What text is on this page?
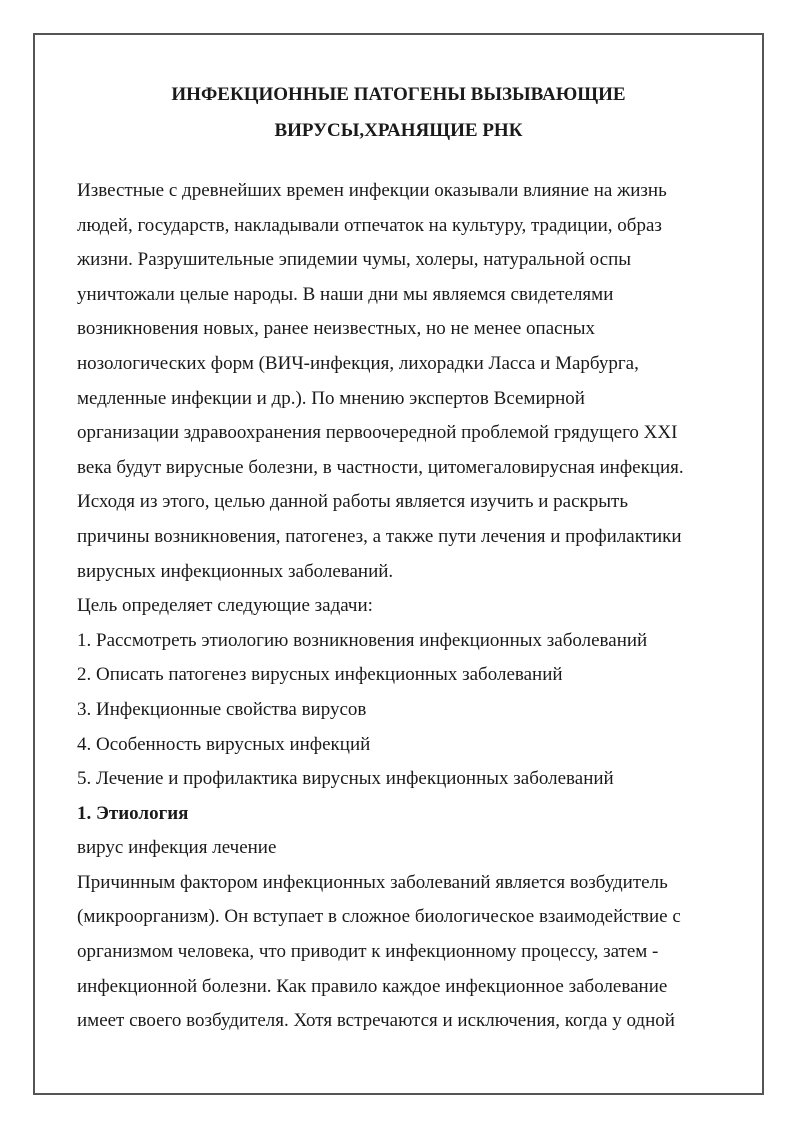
ИНФЕКЦИОННЫЕ ПАТОГЕНЫ ВЫЗЫВАЮЩИЕ
ВИРУСЫ,ХРАНЯЩИЕ РНК

Известные с древнейших времен инфекции оказывали влияние на жизнь
людей, государств, накладывали отпечаток на культуру, традиции, образ
жизни. Разрушительные эпидемии чумы, холеры, натуральной оспы
уничтожали целые народы. В наши дни мы являемся свидетелями
возникновения новых, ранее неизвестных, но не менее опасных
нозологических форм (ВИЧ-инфекция, лихорадки Ласса и Марбурга,
медленные инфекции и др.). По мнению экспертов Всемирной
организации здравоохранения первоочередной проблемой грядущего XXI
века будут вирусные болезни, в частности, цитомегаловирусная инфекция.
Исходя из этого, целью данной работы является изучить и раскрыть
причины возникновения, патогенез, а также пути лечения и профилактики
вирусных инфекционных заболеваний.

Цель определяет следующие задачи:

1. Рассмотреть этиологию возникновения инфекционных заболеваний
2. Описать патогенез вирусных инфекционных заболеваний
3. Инфекционные свойства вирусов
4. Особенность вирусных инфекций
5. Лечение и профилактика вирусных инфекционных заболеваний

1. Этиология

вирус инфекция лечение

Причинным фактором инфекционных заболеваний является возбудитель
(микроорганизм). Он вступает в сложное биологическое взаимодействие с
организмом человека, что приводит к инфекционному процессу, затем -
инфекционной болезни. Как правило каждое инфекционное заболевание
имеет своего возбудителя. Хотя встречаются и исключения, когда у одной
